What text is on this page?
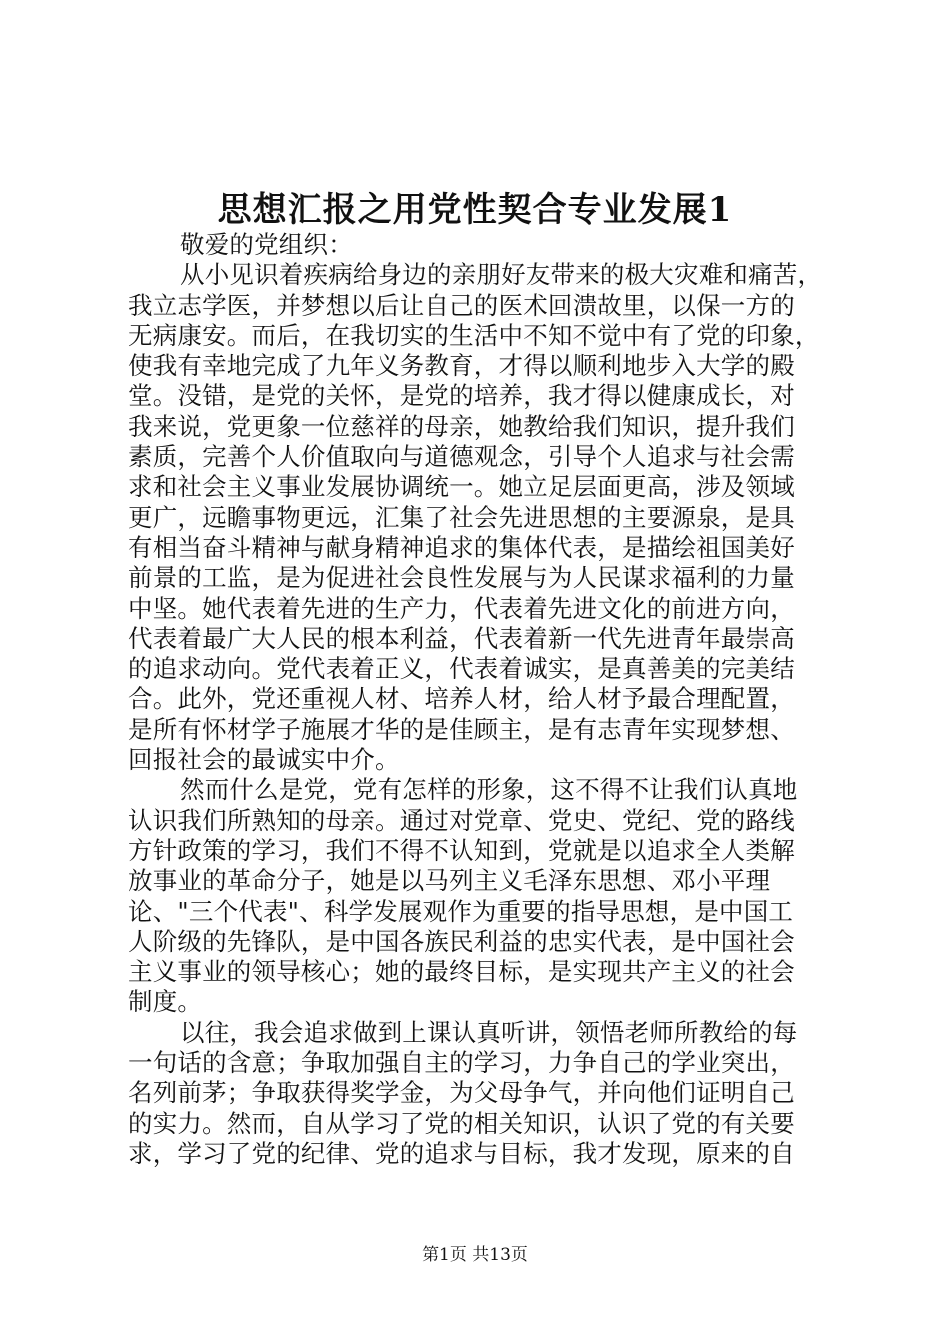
思想汇报之用党性契合专业发展1
敬爱的党组织：
从小见识着疾病给身边的亲朋好友带来的极大灾难和痛苦，
我立志学医，并梦想以后让自己的医术回溃故里，以保一方的
无病康安。而后，在我切实的生活中不知不觉中有了党的印象，
使我有幸地完成了九年义务教育，才得以顺利地步入大学的殿
堂。没错，是党的关怀，是党的培养，我才得以健康成长，对
我来说，党更象一位慈祥的母亲，她教给我们知识，提升我们
素质，完善个人价值取向与道德观念，引导个人追求与社会需
求和社会主义事业发展协调统一。她立足层面更高，涉及领域
更广，远瞻事物更远，汇集了社会先进思想的主要源泉，是具
有相当奋斗精神与献身精神追求的集体代表，是描绘祖国美好
前景的工监，是为促进社会良性发展与为人民谋求福利的力量
中坚。她代表着先进的生产力，代表着先进文化的前进方向，
代表着最广大人民的根本利益，代表着新一代先进青年最崇高
的追求动向。党代表着正义，代表着诚实，是真善美的完美结
合。此外，党还重视人材、培养人材，给人材予最合理配置，
是所有怀材学子施展才华的是佳顾主，是有志青年实现梦想、
回报社会的最诚实中介。
然而什么是党，党有怎样的形象，这不得不让我们认真地
认识我们所熟知的母亲。通过对党章、党史、党纪、党的路线
方针政策的学习，我们不得不认知到，党就是以追求全人类解
放事业的革命分子，她是以马列主义毛泽东思想、邓小平理
论、"三个代表"、科学发展观作为重要的指导思想，是中国工
人阶级的先锋队，是中国各族民利益的忠实代表，是中国社会
主义事业的领导核心；她的最终目标，是实现共产主义的社会
制度。
以往，我会追求做到上课认真听讲，领悟老师所教给的每
一句话的含意；争取加强自主的学习，力争自己的学业突出，
名列前茅；争取获得奖学金，为父母争气，并向他们证明自己
的实力。然而，自从学习了党的相关知识，认识了党的有关要
求，学习了党的纪律、党的追求与目标，我才发现，原来的自
第1页 共13页
